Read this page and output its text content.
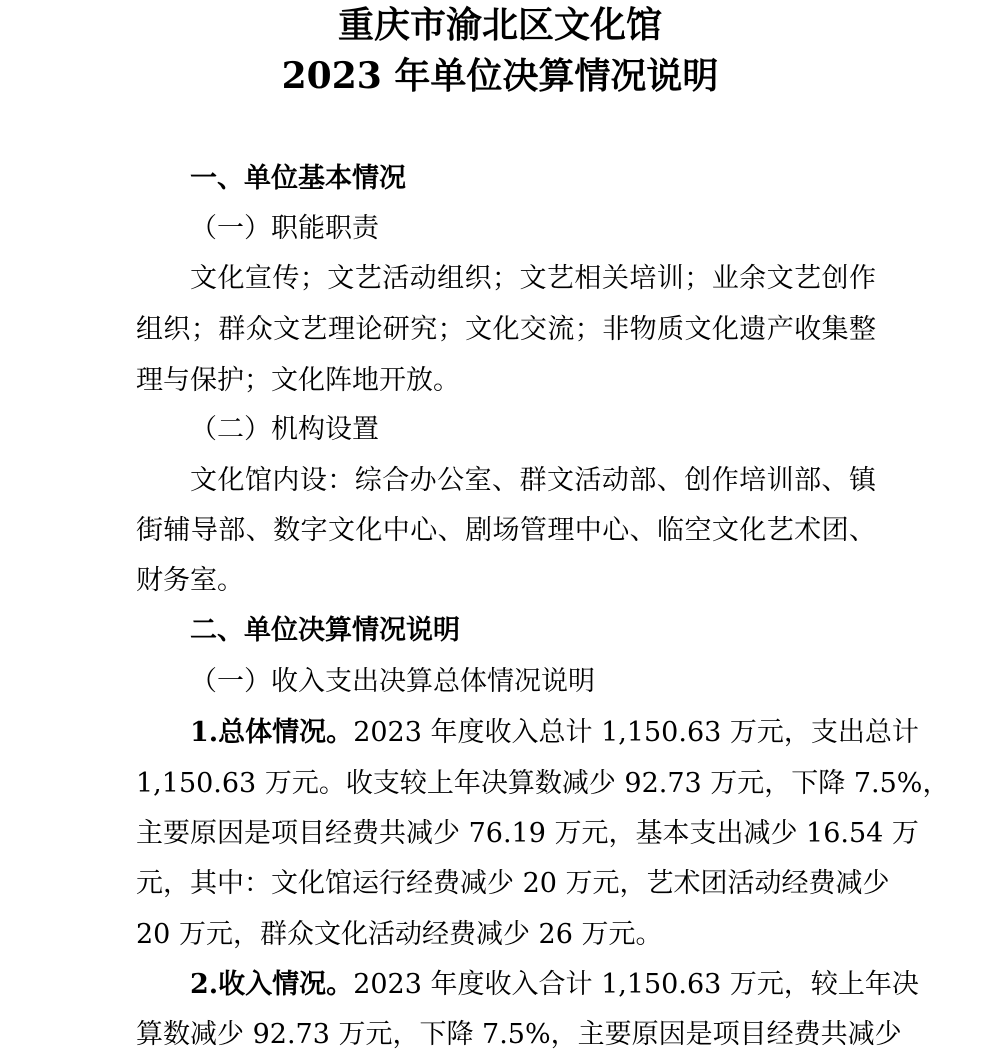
重庆市渝北区文化馆
2023 年单位决算情况说明
一、单位基本情况
（一）职能职责
文化宣传；文艺活动组织；文艺相关培训；业余文艺创作
组织；群众文艺理论研究；文化交流；非物质文化遗产收集整
理与保护；文化阵地开放。
（二）机构设置
文化馆内设：综合办公室、群文活动部、创作培训部、镇
街辅导部、数字文化中心、剧场管理中心、临空文化艺术团、
财务室。
二、单位决算情况说明
（一）收入支出决算总体情况说明
1.总体情况。2023 年度收入总计 1,150.63 万元，支出总计
1,150.63 万元。收支较上年决算数减少 92.73 万元，下降 7.5%，
主要原因是项目经费共减少 76.19 万元，基本支出减少 16.54 万
元，其中：文化馆运行经费减少 20 万元，艺术团活动经费减少
20 万元，群众文化活动经费减少 26 万元。
2.收入情况。2023 年度收入合计 1,150.63 万元，较上年决
算数减少 92.73 万元，下降 7.5%，主要原因是项目经费共减少
